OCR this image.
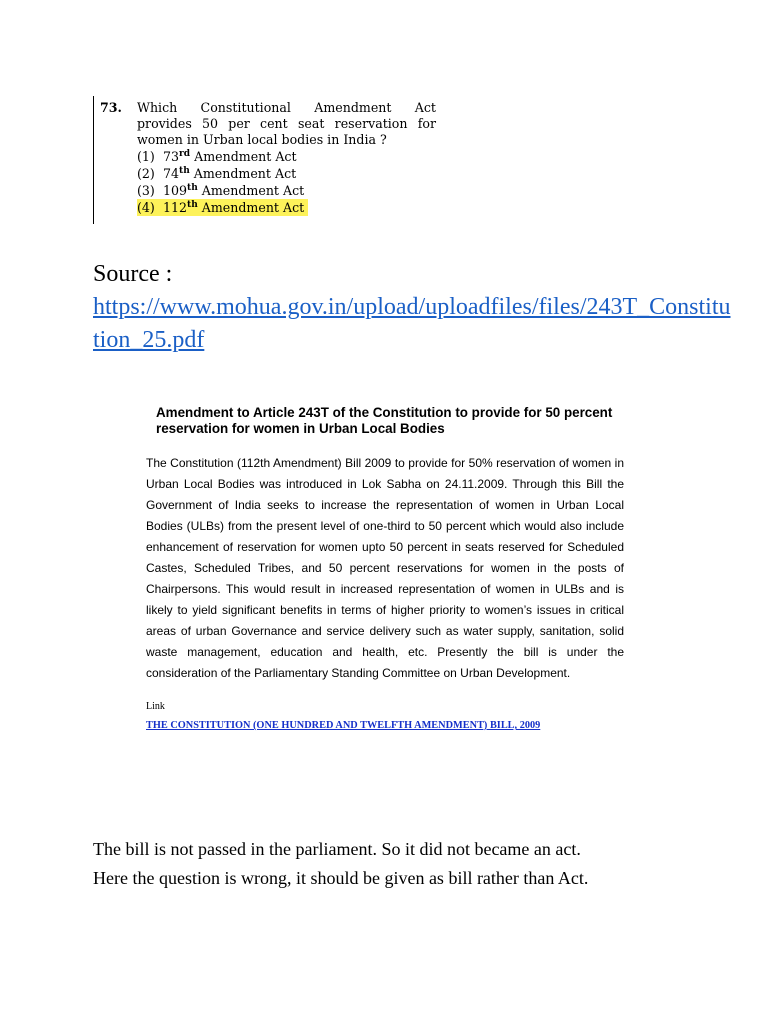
73. Which Constitutional Amendment Act
provides 50 per cent seat reservation for
women in Urban local bodies in India ?
(1) 73rd Amendment Act
(2) 74th Amendment Act
(3) 109th Amendment Act
(4) 112th Amendment Act
Source :
https://www.mohua.gov.in/upload/uploadfiles/files/243T_Constitution_25.pdf
Amendment to Article 243T of the Constitution to provide for 50 percent reservation for women in Urban Local Bodies
The Constitution (112th Amendment) Bill 2009 to provide for 50% reservation of women in Urban Local Bodies was introduced in Lok Sabha on 24.11.2009. Through this Bill the Government of India seeks to increase the representation of women in Urban Local Bodies (ULBs) from the present level of one-third to 50 percent which would also include enhancement of reservation for women upto 50 percent in seats reserved for Scheduled Castes, Scheduled Tribes, and 50 percent reservations for women in the posts of Chairpersons. This would result in increased representation of women in ULBs and is likely to yield significant benefits in terms of higher priority to women’s issues in critical areas of urban Governance and service delivery such as water supply, sanitation, solid waste management, education and health, etc. Presently the bill is under the consideration of the Parliamentary Standing Committee on Urban Development.
Link
THE CONSTITUTION (ONE HUNDRED AND TWELFTH AMENDMENT) BILL, 2009
The bill is not passed in the parliament. So it did not became an act.
Here the question is wrong, it should be given as bill rather than Act.
